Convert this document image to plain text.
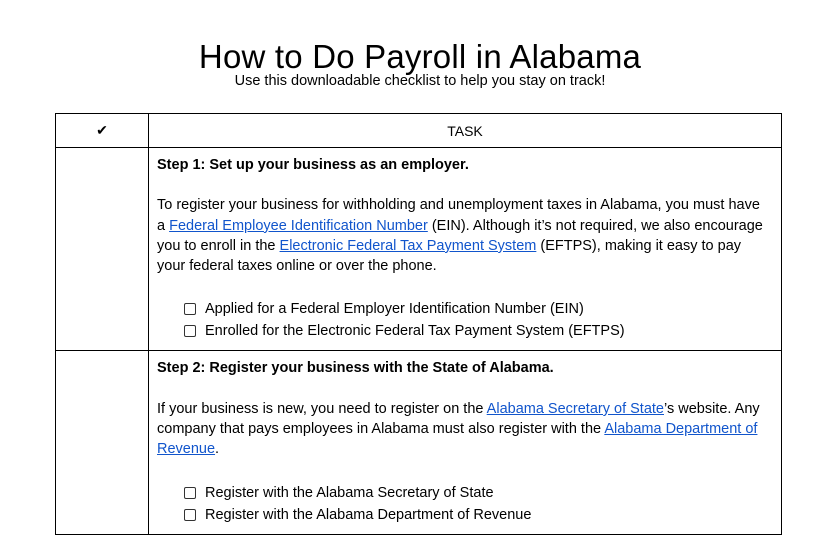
How to Do Payroll in Alabama
Use this downloadable checklist to help you stay on track!
✔	TASK

	Step 1: Set up your business as an employer.
To register your business for withholding and unemployment taxes in Alabama, you must have a Federal Employee Identification Number (EIN). Although it’s not required, we also encourage you to enroll in the Electronic Federal Tax Payment System (EFTPS), making it easy to pay your federal taxes online or over the phone.
Applied for a Federal Employer Identification Number (EIN)
Enrolled for the Electronic Federal Tax Payment System (EFTPS)

	Step 2: Register your business with the State of Alabama.
If your business is new, you need to register on the Alabama Secretary of State’s website. Any company that pays employees in Alabama must also register with the Alabama Department of Revenue.
Register with the Alabama Secretary of State
Register with the Alabama Department of Revenue
